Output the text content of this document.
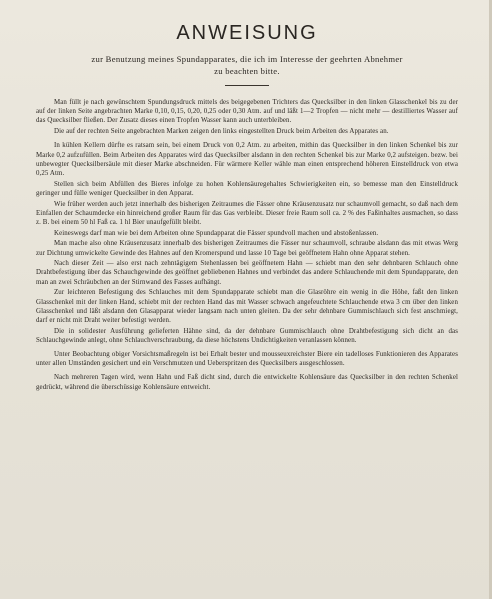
ANWEISUNG
zur Benutzung meines Spundapparates, die ich im Interesse der geehrten Abnehmer
zu beachten bitte.

Man füllt je nach gewünschtem Spundungsdruck mittels des beigegebenen Trichters das Quecksilber in den linken Glasschenkel bis zu der auf der linken Seite angebrachten Marke 0,10, 0,15, 0,20, 0,25 oder 0,30 Atm. auf und läßt 1—2 Tropfen — nicht mehr — destilliertes Wasser auf das Quecksilber fließen. Der Zusatz dieses einen Tropfen Wasser kann auch unterbleiben.

Die auf der rechten Seite angebrachten Marken zeigen den links eingestellten Druck beim Arbeiten des Apparates an.

In kühlen Kellern dürfte es ratsam sein, bei einem Druck von 0,2 Atm. zu arbeiten, mithin das Quecksilber in den linken Schenkel bis zur Marke 0,2 aufzufüllen. Beim Arbeiten des Apparates wird das Quecksilber alsdann in den rechten Schenkel bis zur Marke 0,2 aufsteigen. bezw. bei unbewegter Quecksilbersäule mit dieser Marke abschneiden. Für wärmere Keller wähle man einen entsprechend höheren Einstelldruck von etwa 0,25 Atm.

Stellen sich beim Abfüllen des Bieres infolge zu hohen Kohlensäuregehaltes Schwierigkeiten ein, so bemesse man den Einstelldruck geringer und fülle weniger Quecksilber in den Apparat.

Wie früher werden auch jetzt innerhalb des bisherigen Zeitraumes die Fässer ohne Kräusenzusatz nur schaumvoll gemacht, so daß nach dem Einfallen der Schaumdecke ein hinreichend großer Raum für das Gas verbleibt. Dieser freie Raum soll ca. 2 % des Faßinhaltes ausmachen, so dass z. B. bei einem 50 hl Faß ca. 1 hl Bier unaufgefüllt bleibt.

Keineswegs darf man wie bei dem Arbeiten ohne Spundapparat die Fässer spundvoll machen und abstoßenlassen.

Man mache also ohne Kräusenzusatz innerhalb des bisherigen Zeitraumes die Fässer nur schaumvoll, schraube alsdann das mit etwas Werg zur Dichtung umwickelte Gewinde des Hahnes auf den Kromerspund und lasse 10 Tage bei geöffnetem Hahn ohne Apparat stehen.

Nach dieser Zeit — also erst nach zehntägigem Stehenlassen bei geöffnetem Hahn — schiebt man den sehr dehnbaren Schlauch ohne Drahtbefestigung über das Schauchgewinde des geöffnet gebliebenen Hahnes und verbindet das andere Schlauchende mit dem Spundapparate, den man an zwei Schräubchen an der Stirnwand des Fasses aufhängt.

Zur leichteren Befestigung des Schlauches mit dem Spundapparate schiebt man die Glasröhre ein wenig in die Höhe, faßt den linken Glasschenkel mit der linken Hand, schiebt mit der rechten Hand das mit Wasser schwach angefeuchtete Schlauchende etwa 3 cm über den linken Glasschenkel und läßt alsdann den Glasapparat wieder langsam nach unten gleiten. Da der sehr dehnbare Gummischlauch sich fest anschmiegt, darf er nicht mit Draht weiter befestigt werden.

Die in solidester Ausführung gelieferten Hähne sind, da der dehnbare Gummischlauch ohne Drahtbefestigung sich dicht an das Schlauchgewinde anlegt, ohne Schlauchverschraubung, da diese höchstens Undichtigkeiten veranlassen können.

Unter Beobachtung obiger Vorsichtsmaßregeln ist bei Erhalt bester und mousseuxreichster Biere ein tadelloses Funktionieren des Apparates unter allen Umständen gesichert und ein Verschmutzen und Ueberspritzen des Quecksilbers ausgeschlossen.

Nach mehreren Tagen wird, wenn Hahn und Faß dicht sind, durch die entwickelte Kohlensäure das Quecksilber in den rechten Schenkel gedrückt, während die überschüssige Kohlensäure entweicht.
